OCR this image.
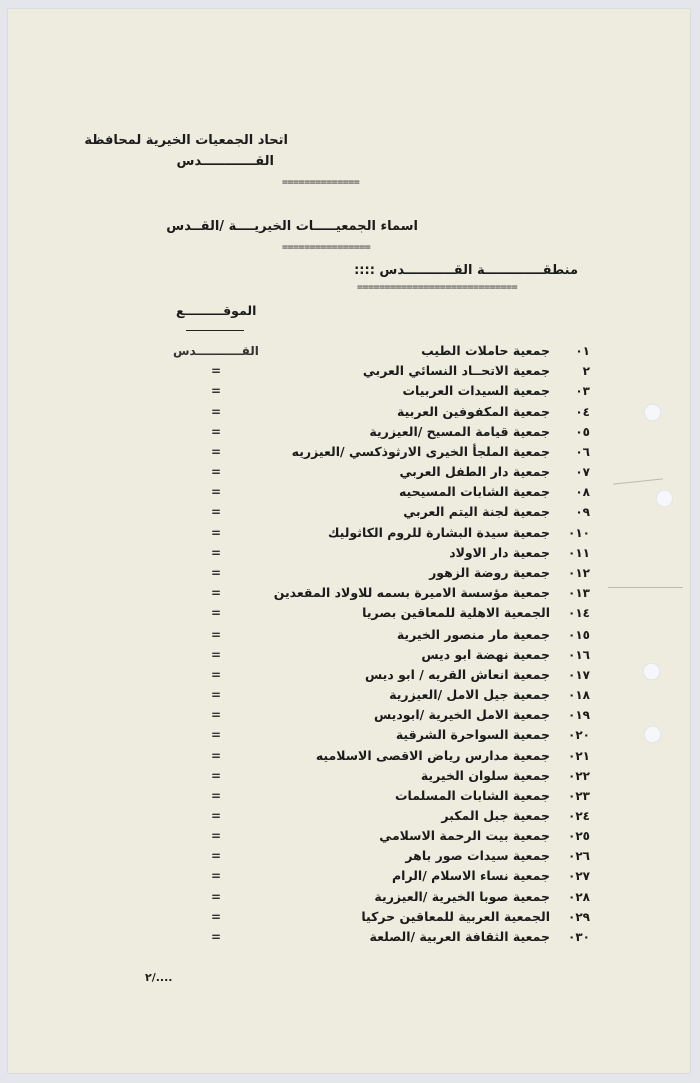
اتحاد الجمعيات الخيرية لمحافظة
القــــــــــــدس
==============
اسماء الجمعيـــــات الخيريــــة /القــدس
================
منطقـــــــــــــة القـــــــــــدس ::::
=============================
الموقـــــــــع
٠١
جمعية حاملات الطيب
القـــــــــــدس
٢
جمعية الاتحــاد النسائي العربي
=
٠٣
جمعية السيدات العربيات
=
٠٤
جمعية المكفوفين العربية
=
٠٥
جمعية قيامة المسيح /العيزرية
=
٠٦
جمعية الملجأ الخيرى الارثوذكسي /العيزريه
=
٠٧
جمعية دار الطفل العربي
=
٠٨
جمعية الشابات المسيحيه
=
٠٩
جمعية لجنة اليتم العربي
=
٠١٠
جمعية سيدة البشارة للروم الكاثوليك
=
٠١١
جمعية دار الاولاد
=
٠١٢
جمعية روضة الزهور
=
٠١٣
جمعية مؤسسة الاميرة بسمه للاولاد المقعدين
=
٠١٤
الجمعية الاهلية للمعاقين بصريا
=
٠١٥
جمعية مار منصور الخيرية
=
٠١٦
جمعية نهضة ابو ديس
=
٠١٧
جمعية انعاش القريه / ابو ديس
=
٠١٨
جمعية جيل الامل /العيزرية
=
٠١٩
جمعية الامل الخيرية /ابوديس
=
٠٢٠
جمعية السواحرة الشرقية
=
٠٢١
جمعية مدارس رياض الاقصى الاسلاميه
=
٠٢٢
جمعية سلوان الخيرية
=
٠٢٣
جمعية الشابات المسلمات
=
٠٢٤
جمعية جبل المكبر
=
٠٢٥
جمعية بيت الرحمة الاسلامي
=
٠٢٦
جمعية سيدات صور باهر
=
٠٢٧
جمعية نساء الاسلام /الرام
=
٠٢٨
جمعية صوبا الخيرية /العيزرية
=
٠٢٩
الجمعية العربية للمعاقين حركيا
=
٠٣٠
جمعية الثقافة العربية /الصلعة
=
٢/....
